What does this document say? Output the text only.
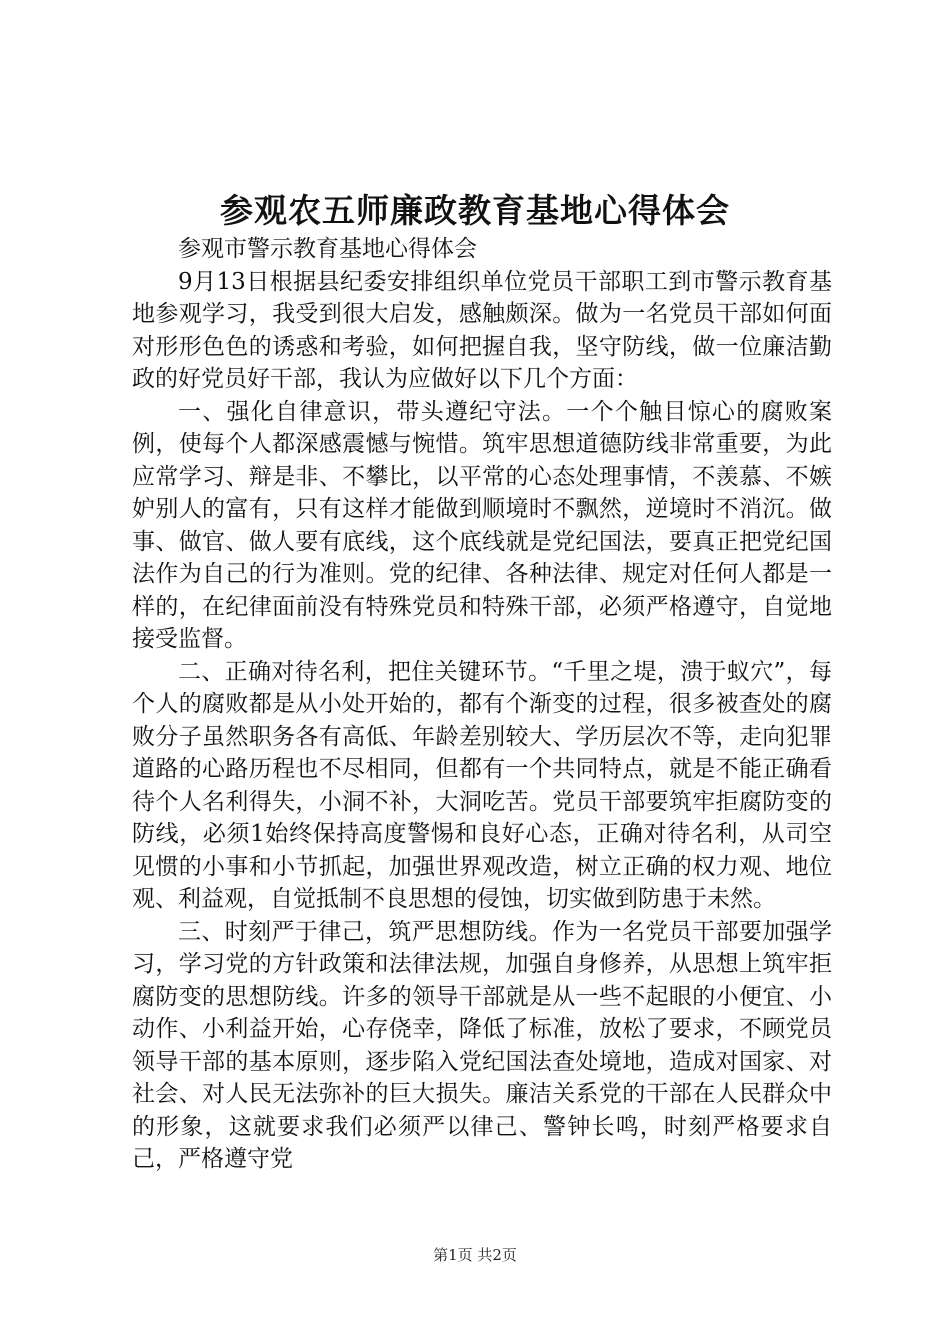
参观农五师廉政教育基地心得体会

参观市警示教育基地心得体会

9月13日根据县纪委安排组织单位党员干部职工到市警示教育基地参观学习，我受到很大启发，感触颇深。做为一名党员干部如何面对形形色色的诱惑和考验，如何把握自我，坚守防线，做一位廉洁勤政的好党员好干部，我认为应做好以下几个方面：

一、强化自律意识，带头遵纪守法。一个个触目惊心的腐败案例，使每个人都深感震憾与惋惜。筑牢思想道德防线非常重要，为此应常学习、辩是非、不攀比，以平常的心态处理事情，不羡慕、不嫉妒别人的富有，只有这样才能做到顺境时不飘然，逆境时不消沉。做事、做官、做人要有底线，这个底线就是党纪国法，要真正把党纪国法作为自己的行为准则。党的纪律、各种法律、规定对任何人都是一样的，在纪律面前没有特殊党员和特殊干部，必须严格遵守，自觉地接受监督。

二、正确对待名利，把住关键环节。“千里之堤，溃于蚁穴”，每个人的腐败都是从小处开始的，都有个渐变的过程，很多被查处的腐败分子虽然职务各有高低、年龄差别较大、学历层次不等，走向犯罪道路的心路历程也不尽相同，但都有一个共同特点，就是不能正确看待个人名利得失，小洞不补，大洞吃苦。党员干部要筑牢拒腐防变的防线，必须1始终保持高度警惕和良好心态，正确对待名利，从司空见惯的小事和小节抓起，加强世界观改造，树立正确的权力观、地位观、利益观，自觉抵制不良思想的侵蚀，切实做到防患于未然。

三、时刻严于律己，筑严思想防线。作为一名党员干部要加强学习，学习党的方针政策和法律法规，加强自身修养，从思想上筑牢拒腐防变的思想防线。许多的领导干部就是从一些不起眼的小便宜、小动作、小利益开始，心存侥幸，降低了标准，放松了要求，不顾党员领导干部的基本原则，逐步陷入党纪国法查处境地，造成对国家、对社会、对人民无法弥补的巨大损失。廉洁关系党的干部在人民群众中的形象，这就要求我们必须严以律己、警钟长鸣，时刻严格要求自己，严格遵守党

第1页 共2页
